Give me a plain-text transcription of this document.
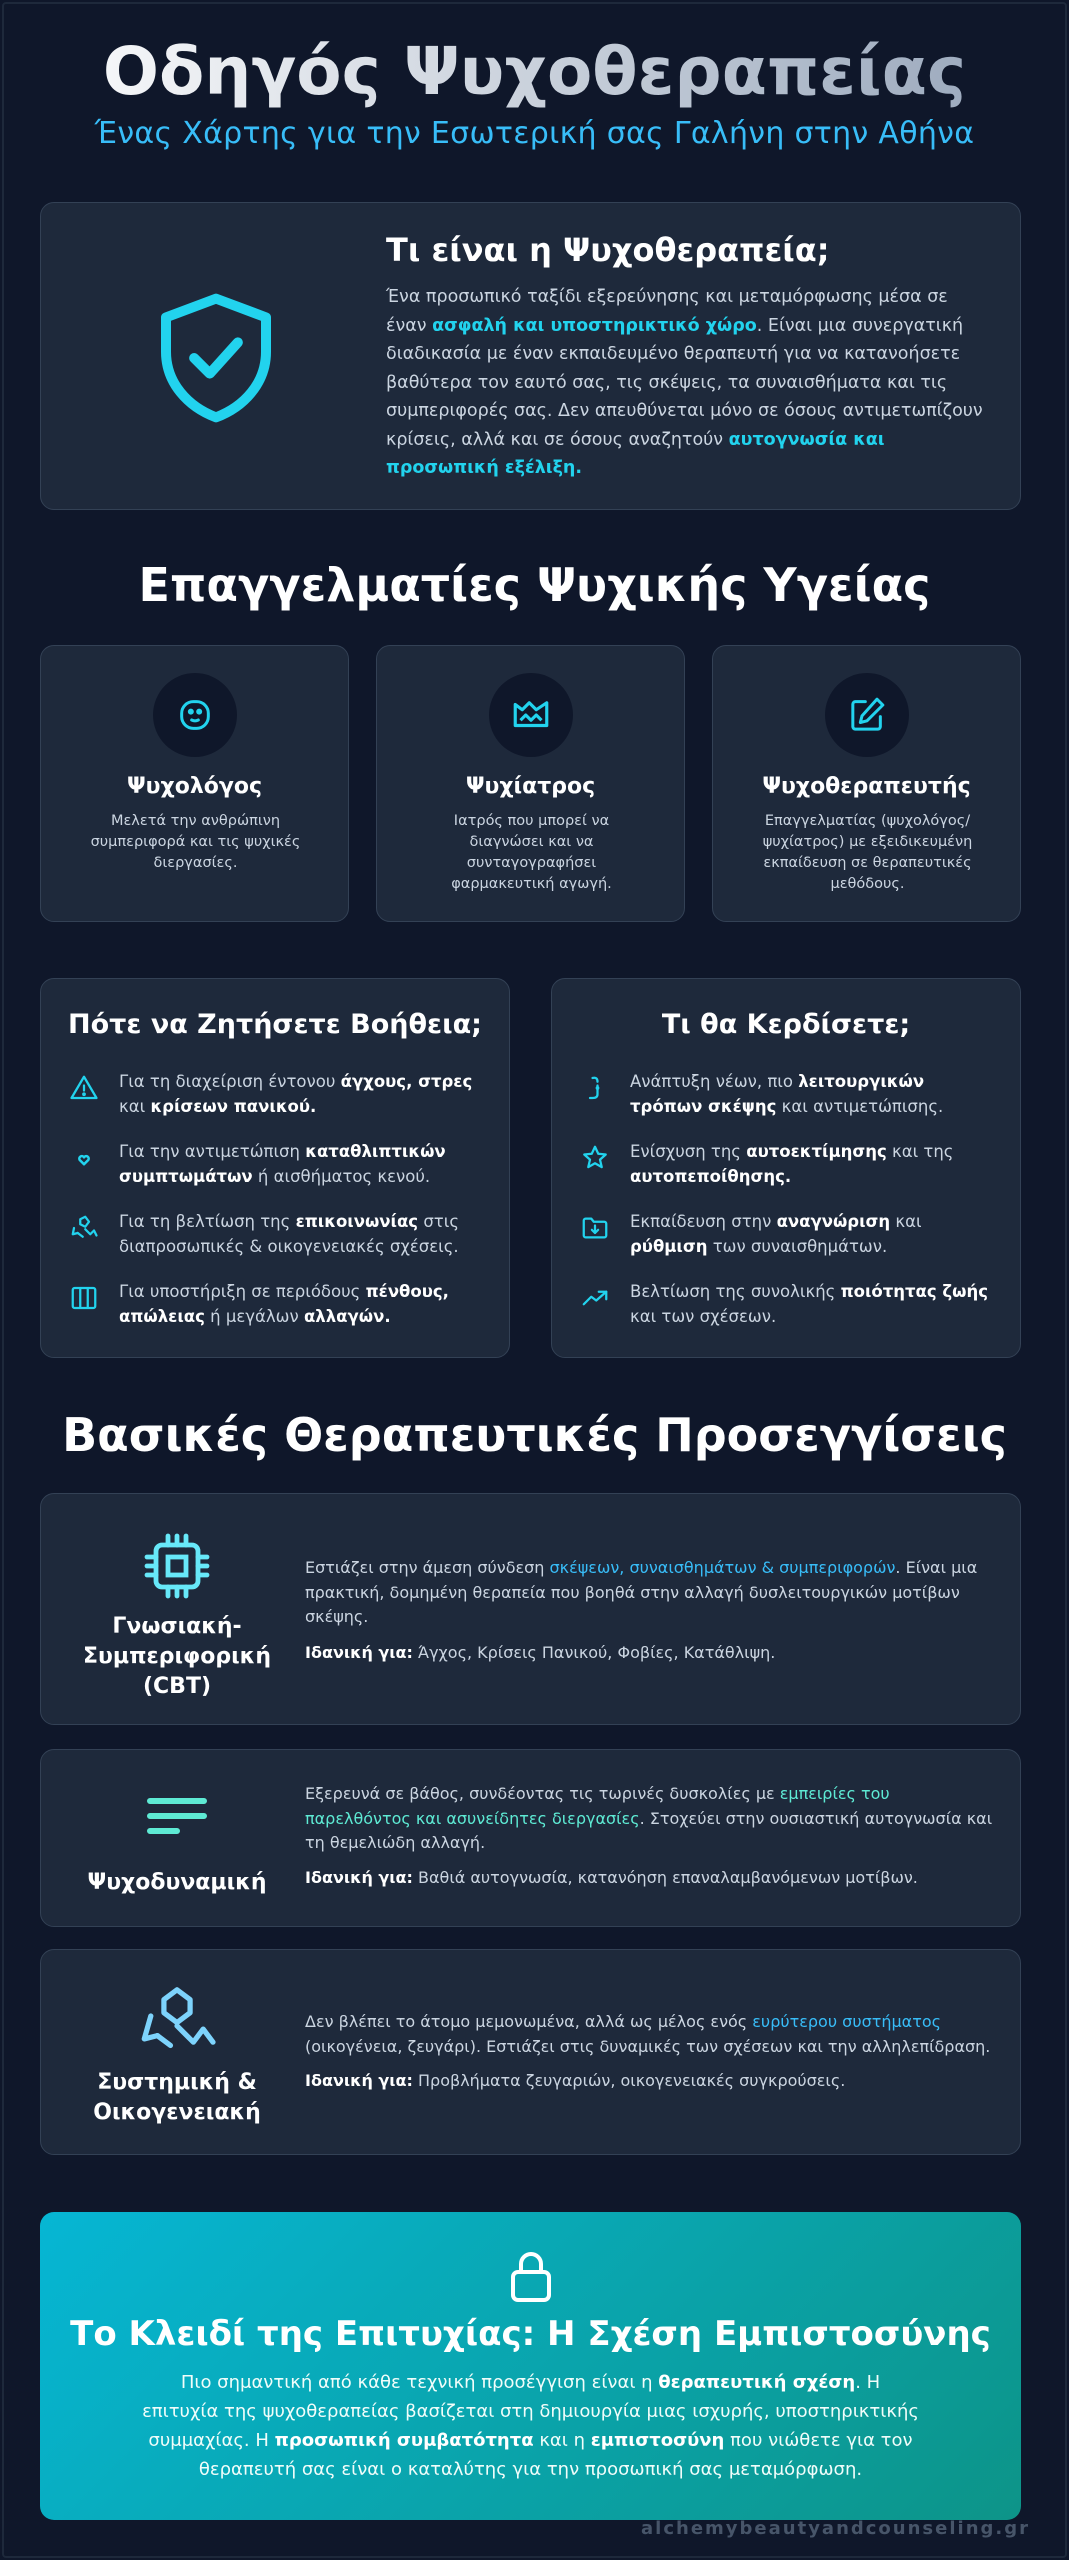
Οδηγός Ψυχοθεραπείας
Ένας Χάρτης για την Εσωτερική σας Γαλήνη στην Αθήνα
Τι είναι η Ψυχοθεραπεία;

Ένα προσωπικό ταξίδι εξερεύνησης και μεταμόρφωσης μέσα σε έναν ασφαλή και υποστηρικτικό χώρο. Είναι μια συνεργατική διαδικασία με έναν εκπαιδευμένο θεραπευτή για να κατανοήσετε βαθύτερα τον εαυτό σας, τις σκέψεις, τα συναισθήματα και τις συμπεριφορές σας. Δεν απευθύνεται μόνο σε όσους αντιμετωπίζουν κρίσεις, αλλά και σε όσους αναζητούν αυτογνωσία και προσωπική εξέλιξη.

Επαγγελματίες Ψυχικής Υγείας
Ψυχολόγος

Μελετά την ανθρώπινη συμπεριφορά και τις ψυχικές διεργασίες.

Ψυχίατρος

Ιατρός που μπορεί να διαγνώσει και να συνταγογραφήσει φαρμακευτική αγωγή.

Ψυχοθεραπευτής

Επαγγελματίας (ψυχολόγος/ψυχίατρος) με εξειδικευμένη εκπαίδευση σε θεραπευτικές μεθόδους.

Πότε να Ζητήσετε Βοήθεια;
Για τη διαχείριση έντονου άγχους, στρες και κρίσεων πανικού.
Για την αντιμετώπιση καταθλιπτικών συμπτωμάτων ή αισθήματος κενού.
Για τη βελτίωση της επικοινωνίας στις διαπροσωπικές & οικογενειακές σχέσεις.
Για υποστήριξη σε περιόδους πένθους, απώλειας ή μεγάλων αλλαγών.
Τι θα Κερδίσετε;
Ανάπτυξη νέων, πιο λειτουργικών τρόπων σκέψης και αντιμετώπισης.
Ενίσχυση της αυτοεκτίμησης και της αυτοπεποίθησης.
Εκπαίδευση στην αναγνώριση και ρύθμιση των συναισθημάτων.
Βελτίωση της συνολικής ποιότητας ζωής και των σχέσεων.
Βασικές Θεραπευτικές Προσεγγίσεις
Γνωσιακή-Συμπεριφορική (CBT)
Εστιάζει στην άμεση σύνδεση σκέψεων, συναισθημάτων & συμπεριφορών. Είναι μια πρακτική, δομημένη θεραπεία που βοηθά στην αλλαγή δυσλειτουργικών μοτίβων σκέψης.
Ιδανική για: Άγχος, Κρίσεις Πανικού, Φοβίες, Κατάθλιψη.
Ψυχοδυναμική
Εξερευνά σε βάθος, συνδέοντας τις τωρινές δυσκολίες με εμπειρίες του παρελθόντος και ασυνείδητες διεργασίες. Στοχεύει στην ουσιαστική αυτογνωσία και τη θεμελιώδη αλλαγή.
Ιδανική για: Βαθιά αυτογνωσία, κατανόηση επαναλαμβανόμενων μοτίβων.
Συστημική & Οικογενειακή
Δεν βλέπει το άτομο μεμονωμένα, αλλά ως μέλος ενός ευρύτερου συστήματος (οικογένεια, ζευγάρι). Εστιάζει στις δυναμικές των σχέσεων και την αλληλεπίδραση.
Ιδανική για: Προβλήματα ζευγαριών, οικογενειακές συγκρούσεις.
Το Κλειδί της Επιτυχίας: Η Σχέση Εμπιστοσύνης

Πιο σημαντική από κάθε τεχνική προσέγγιση είναι η θεραπευτική σχέση. Η επιτυχία της ψυχοθεραπείας βασίζεται στη δημιουργία μιας ισχυρής, υποστηρικτικής συμμαχίας. Η προσωπική συμβατότητα και η εμπιστοσύνη που νιώθετε για τον θεραπευτή σας είναι ο καταλύτης για την προσωπική σας μεταμόρφωση.

alchemybeautyandcounseling.gr
